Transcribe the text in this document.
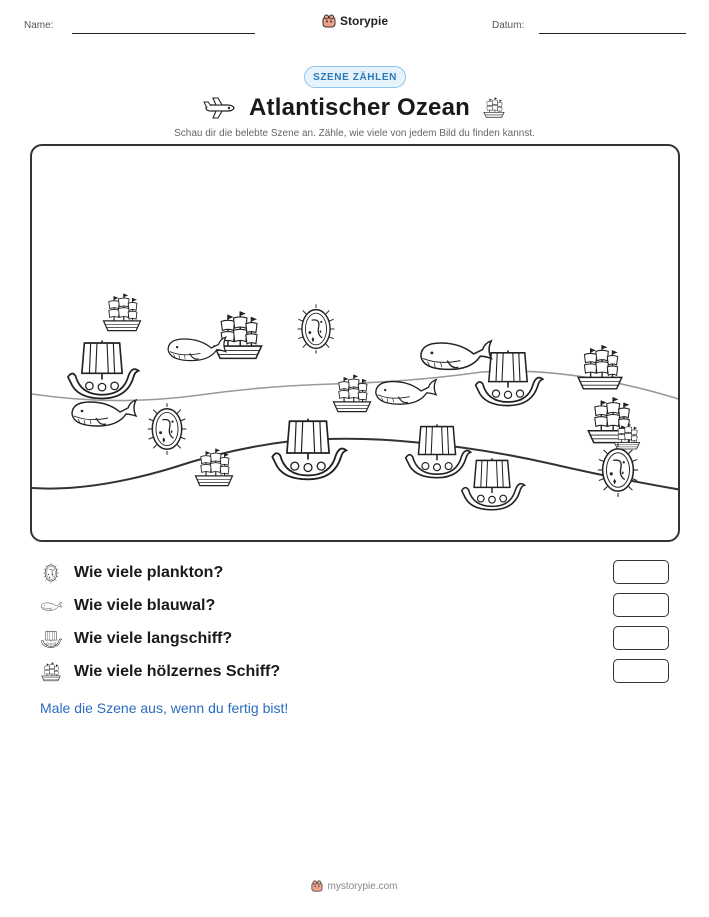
Name:	Storypie	Datum:
SZENE ZÄHLEN
Atlantischer Ozean
Schau dir die belebte Szene an. Zähle, wie viele von jedem Bild du finden kannst.
Wie viele plankton?
Wie viele blauwal?
Wie viele langschiff?
Wie viele hölzernes Schiff?
Male die Szene aus, wenn du fertig bist!
mystorypie.com
